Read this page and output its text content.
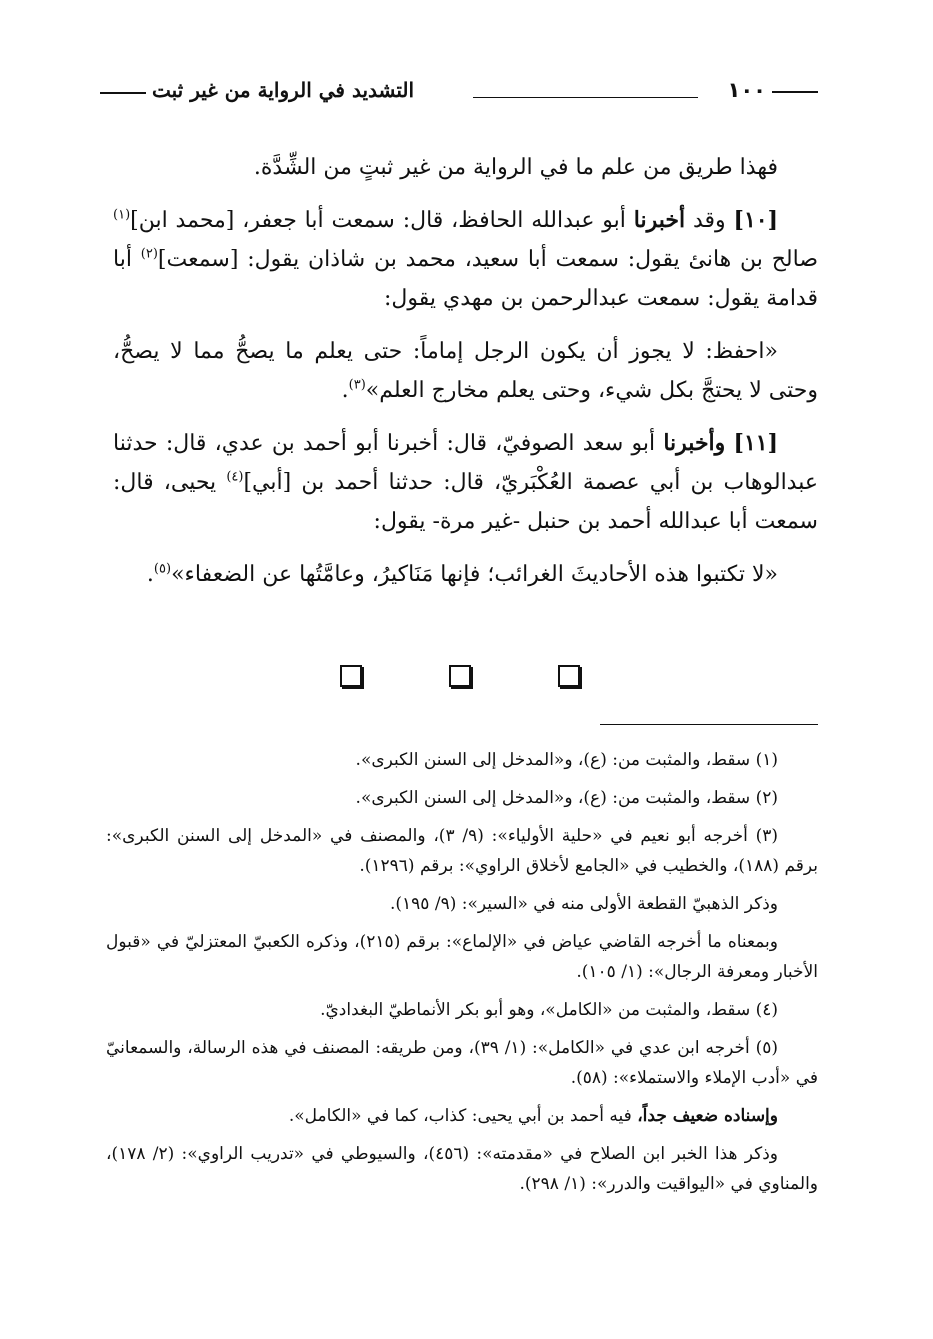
١٠٠
التشديد في الرواية من غير ثبت

فهذا طريق من علم ما في الرواية من غير ثبتٍ من الشِّدَّة.

[١٠] وقد أخبرنا أبو عبدالله الحافظ، قال: سمعت أبا جعفر، [محمد ابن]$^{(١)}$ صالح بن هانئ يقول: سمعت أبا سعيد، محمد بن شاذان يقول: [سمعت]$^{(٢)}$ أبا قدامة يقول: سمعت عبدالرحمن بن مهدي يقول:

«احفظ: لا يجوز أن يكون الرجل إماماً: حتى يعلم ما يصحُّ مما لا يصحُّ، وحتى لا يحتجَّ بكل شيء، وحتى يعلم مخارج العلم»$^{(٣)}$.

[١١] وأخبرنا أبو سعد الصوفيّ، قال: أخبرنا أبو أحمد بن عدي، قال: حدثنا عبدالوهاب بن أبي عصمة العُكْبَريّ، قال: حدثنا أحمد بن [أبي]$^{(٤)}$ يحيى، قال: سمعت أبا عبدالله أحمد بن حنبل -غير مرة- يقول:

«لا تكتبوا هذه الأحاديثَ الغرائب؛ فإنها مَنَاكيرُ، وعامَّتُها عن الضعفاء»$^{(٥)}$.

(١) سقط، والمثبت من: (ع)، و«المدخل إلى السنن الكبرى».

(٢) سقط، والمثبت من: (ع)، و«المدخل إلى السنن الكبرى».

(٣) أخرجه أبو نعيم في «حلية الأولياء»: (٩/ ٣)، والمصنف في «المدخل إلى السنن الكبرى»: برقم (١٨٨)، والخطيب في «الجامع لأخلاق الراوي»: برقم (١٢٩٦).

وذكر الذهبيّ القطعة الأولى منه في «السير»: (٩/ ١٩٥).

وبمعناه ما أخرجه القاضي عياض في «الإلماع»: برقم (٢١٥)، وذكره الكعبيّ المعتزليّ في «قبول الأخبار ومعرفة الرجال»: (١/ ١٠٥).

(٤) سقط، والمثبت من «الكامل»، وهو أبو بكر الأنماطيّ البغداديّ.

(٥) أخرجه ابن عدي في «الكامل»: (١/ ٣٩)، ومن طريقه: المصنف في هذه الرسالة، والسمعانيّ في «أدب الإملاء والاستملاء»: (٥٨).

وإسناده ضعيف جداً، فيه أحمد بن أبي يحيى: كذاب، كما في «الكامل».

وذكر هذا الخبر ابن الصلاح في «مقدمته»: (٤٥٦)، والسيوطي في «تدريب الراوي»: (٢/ ١٧٨)، والمناوي في «اليواقيت والدرر»: (١/ ٢٩٨).
